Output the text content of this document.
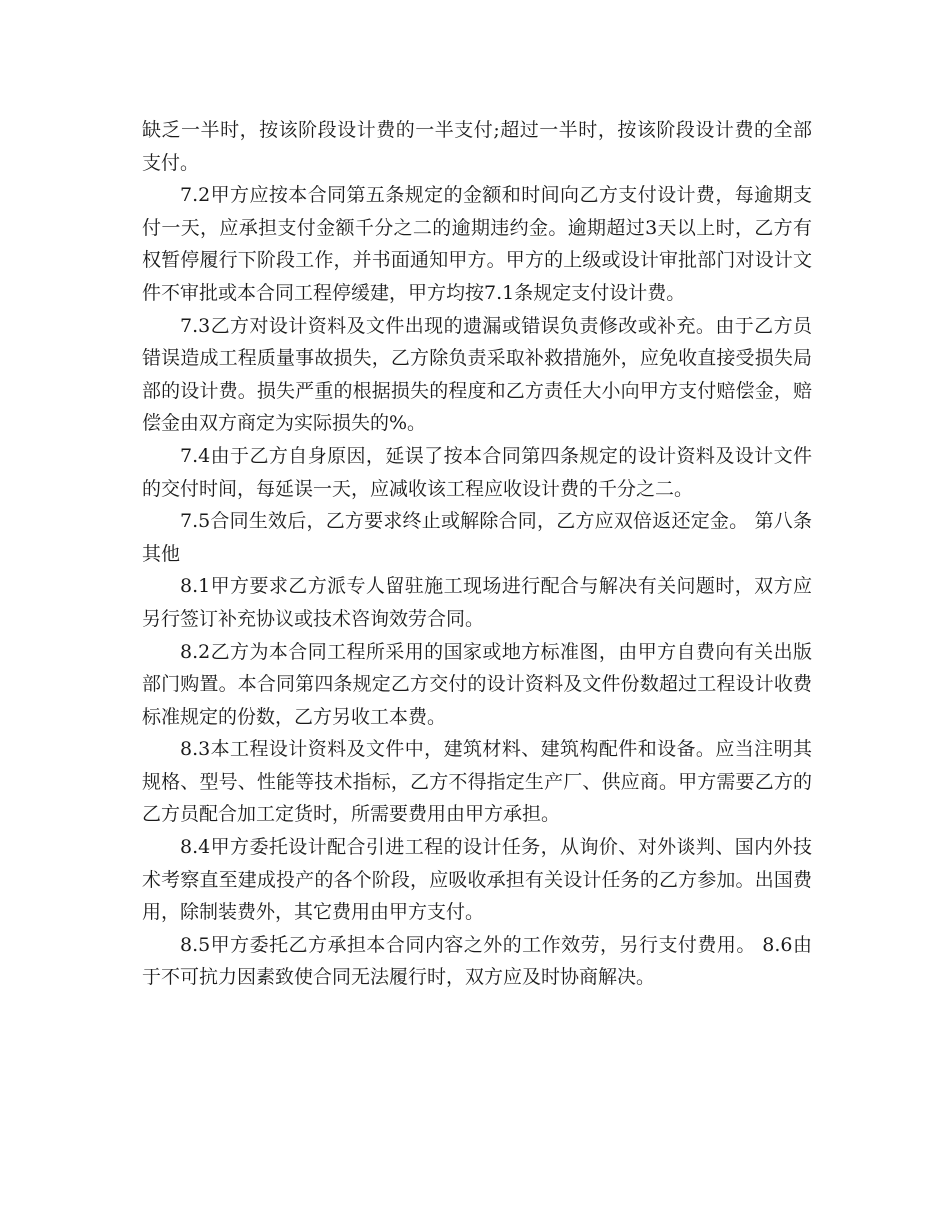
缺乏一半时，按该阶段设计费的一半支付;超过一半时，按该阶段设计费的全部支付。

7.2甲方应按本合同第五条规定的金额和时间向乙方支付设计费，每逾期支付一天，应承担支付金额千分之二的逾期违约金。逾期超过3天以上时，乙方有权暂停履行下阶段工作，并书面通知甲方。甲方的上级或设计审批部门对设计文件不审批或本合同工程停缓建，甲方均按7.1条规定支付设计费。

7.3乙方对设计资料及文件出现的遗漏或错误负责修改或补充。由于乙方员错误造成工程质量事故损失，乙方除负责采取补救措施外，应免收直接受损失局部的设计费。损失严重的根据损失的程度和乙方责任大小向甲方支付赔偿金，赔偿金由双方商定为实际损失的%。

7.4由于乙方自身原因，延误了按本合同第四条规定的设计资料及设计文件的交付时间，每延误一天，应减收该工程应收设计费的千分之二。

7.5合同生效后，乙方要求终止或解除合同，乙方应双倍返还定金。 第八条其他

8.1甲方要求乙方派专人留驻施工现场进行配合与解决有关问题时，双方应另行签订补充协议或技术咨询效劳合同。

8.2乙方为本合同工程所采用的国家或地方标准图，由甲方自费向有关出版部门购置。本合同第四条规定乙方交付的设计资料及文件份数超过工程设计收费标准规定的份数，乙方另收工本费。

8.3本工程设计资料及文件中，建筑材料、建筑构配件和设备。应当注明其规格、型号、性能等技术指标，乙方不得指定生产厂、供应商。甲方需要乙方的乙方员配合加工定货时，所需要费用由甲方承担。

8.4甲方委托设计配合引进工程的设计任务，从询价、对外谈判、国内外技术考察直至建成投产的各个阶段，应吸收承担有关设计任务的乙方参加。出国费用，除制装费外，其它费用由甲方支付。

8.5甲方委托乙方承担本合同内容之外的工作效劳，另行支付费用。 8.6由于不可抗力因素致使合同无法履行时，双方应及时协商解决。
